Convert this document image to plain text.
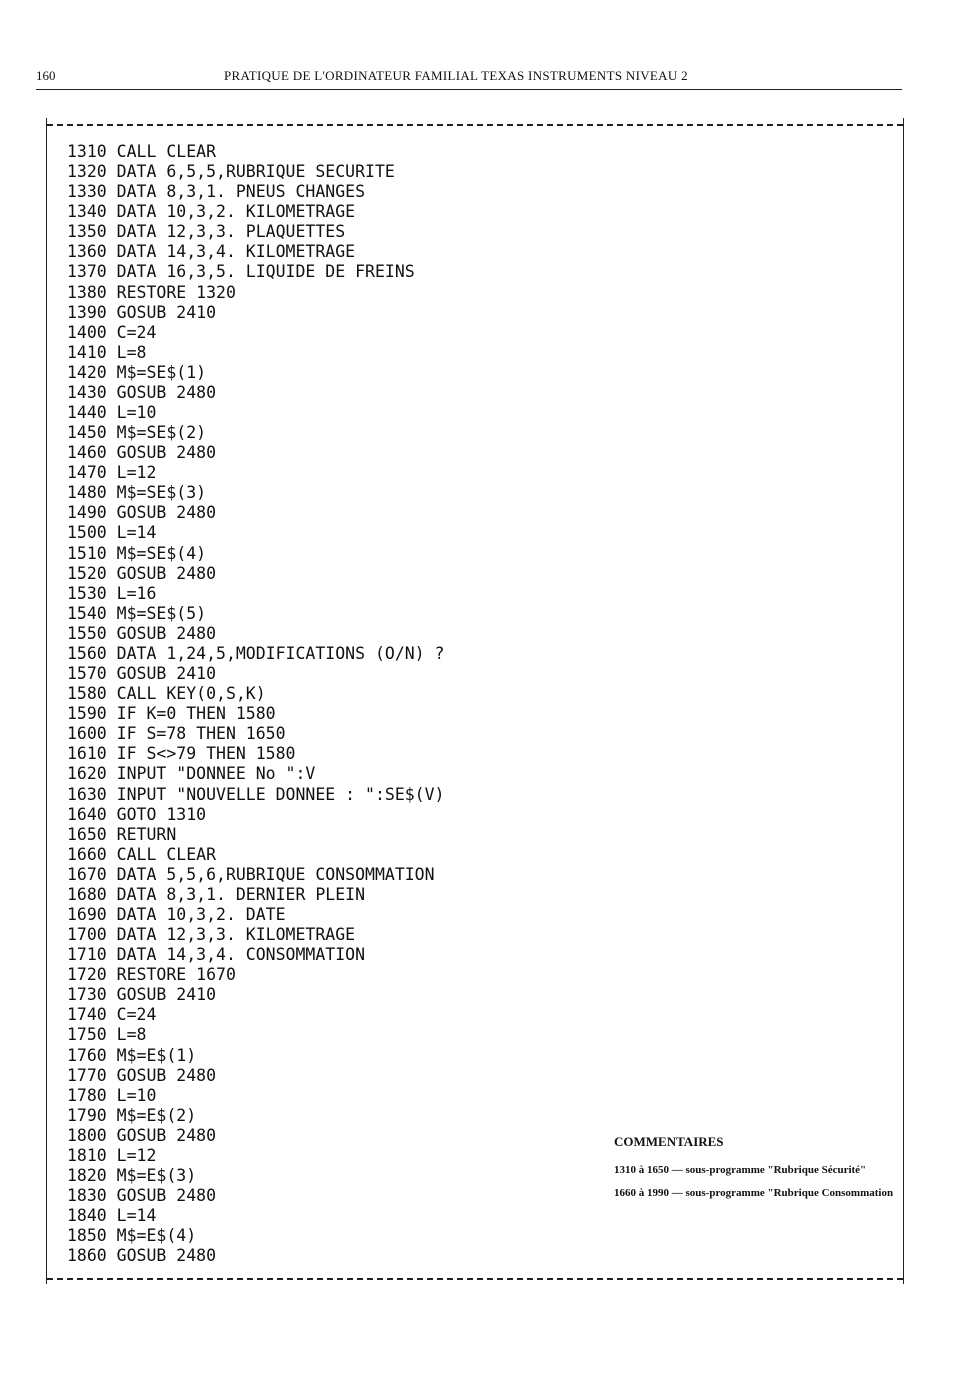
160	PRATIQUE DE L'ORDINATEUR FAMILIAL TEXAS INSTRUMENTS NIVEAU 2
1310 CALL CLEAR
1320 DATA 6,5,5,RUBRIQUE SECURITE
1330 DATA 8,3,1. PNEUS CHANGES
1340 DATA 10,3,2. KILOMETRAGE
1350 DATA 12,3,3. PLAQUETTES
1360 DATA 14,3,4. KILOMETRAGE
1370 DATA 16,3,5. LIQUIDE DE FREINS
1380 RESTORE 1320
1390 GOSUB 2410
1400 C=24
1410 L=8
1420 M$=SE$(1)
1430 GOSUB 2480
1440 L=10
1450 M$=SE$(2)
1460 GOSUB 2480
1470 L=12
1480 M$=SE$(3)
1490 GOSUB 2480
1500 L=14
1510 M$=SE$(4)
1520 GOSUB 2480
1530 L=16
1540 M$=SE$(5)
1550 GOSUB 2480
1560 DATA 1,24,5,MODIFICATIONS (O/N) ?
1570 GOSUB 2410
1580 CALL KEY(0,S,K)
1590 IF K=0 THEN 1580
1600 IF S=78 THEN 1650
1610 IF S<>79 THEN 1580
1620 INPUT "DONNEE No ":V
1630 INPUT "NOUVELLE DONNEE : ":SE$(V)
1640 GOTO 1310
1650 RETURN
1660 CALL CLEAR
1670 DATA 5,5,6,RUBRIQUE CONSOMMATION
1680 DATA 8,3,1. DERNIER PLEIN
1690 DATA 10,3,2. DATE
1700 DATA 12,3,3. KILOMETRAGE
1710 DATA 14,3,4. CONSOMMATION
1720 RESTORE 1670
1730 GOSUB 2410
1740 C=24
1750 L=8
1760 M$=E$(1)
1770 GOSUB 2480
1780 L=10
1790 M$=E$(2)
1800 GOSUB 2480
1810 L=12
1820 M$=E$(3)
1830 GOSUB 2480
1840 L=14
1850 M$=E$(4)
1860 GOSUB 2480
COMMENTAIRES
1310 à 1650 — sous-programme "Rubrique Sécurité"
1660 à 1990 — sous-programme "Rubrique Consommation
